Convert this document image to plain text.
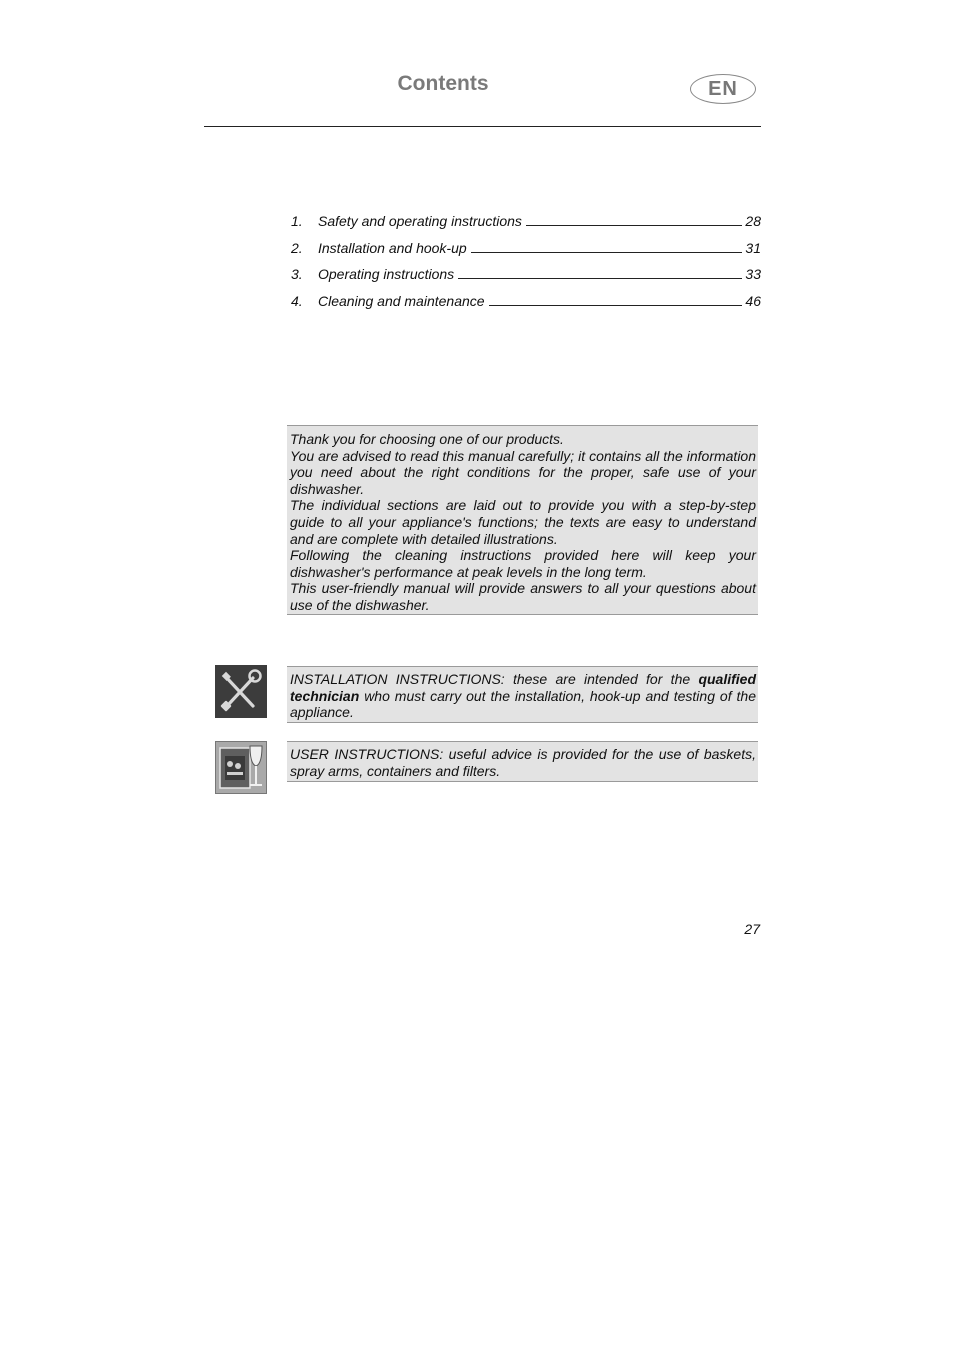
Contents	EN
1.	Safety and operating instructions	28
2.	Installation and hook-up	31
3.	Operating instructions	33
4.	Cleaning and maintenance	46

Thank you for choosing one of our products.

You are advised to read this manual carefully; it contains all the information you need about the right conditions for the proper, safe use of your dishwasher.

The individual sections are laid out to provide you with a step-by-step guide to all your appliance's functions; the texts are easy to understand and are complete with detailed illustrations.

Following the cleaning instructions provided here will keep your dishwasher's performance at peak levels in the long term.

This user-friendly manual will provide answers to all your questions about use of the dishwasher.

INSTALLATION INSTRUCTIONS: these are intended for the qualified technician who must carry out the installation, hook-up and testing of the appliance.
USER INSTRUCTIONS: useful advice is provided for the use of baskets, spray arms, containers and filters.
27
